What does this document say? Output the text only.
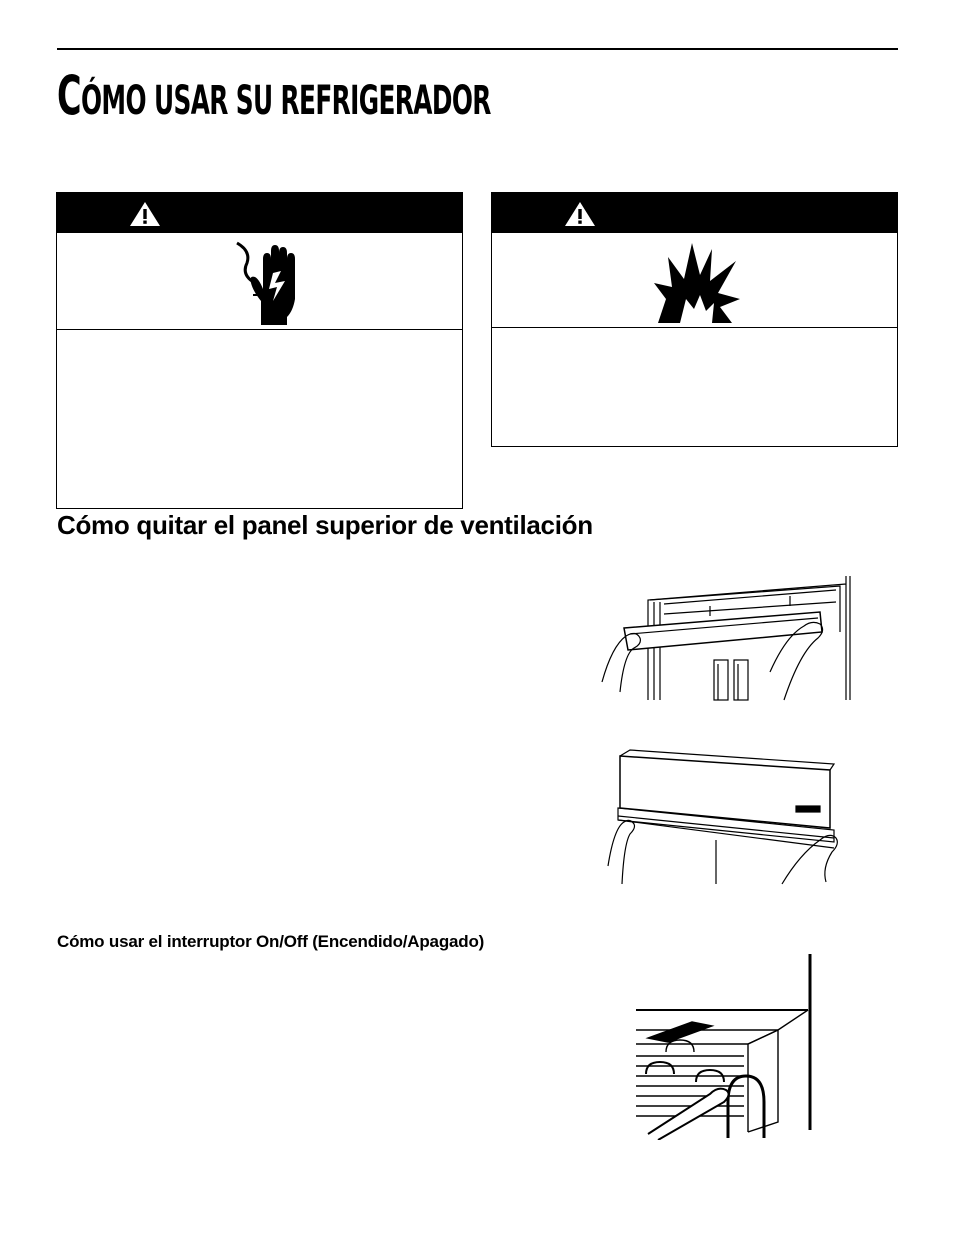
CÓMO USAR SU REFRIGERADOR
Cómo quitar el panel superior de ventilación
Cómo usar el interruptor On/Off (Encendido/Apagado)
